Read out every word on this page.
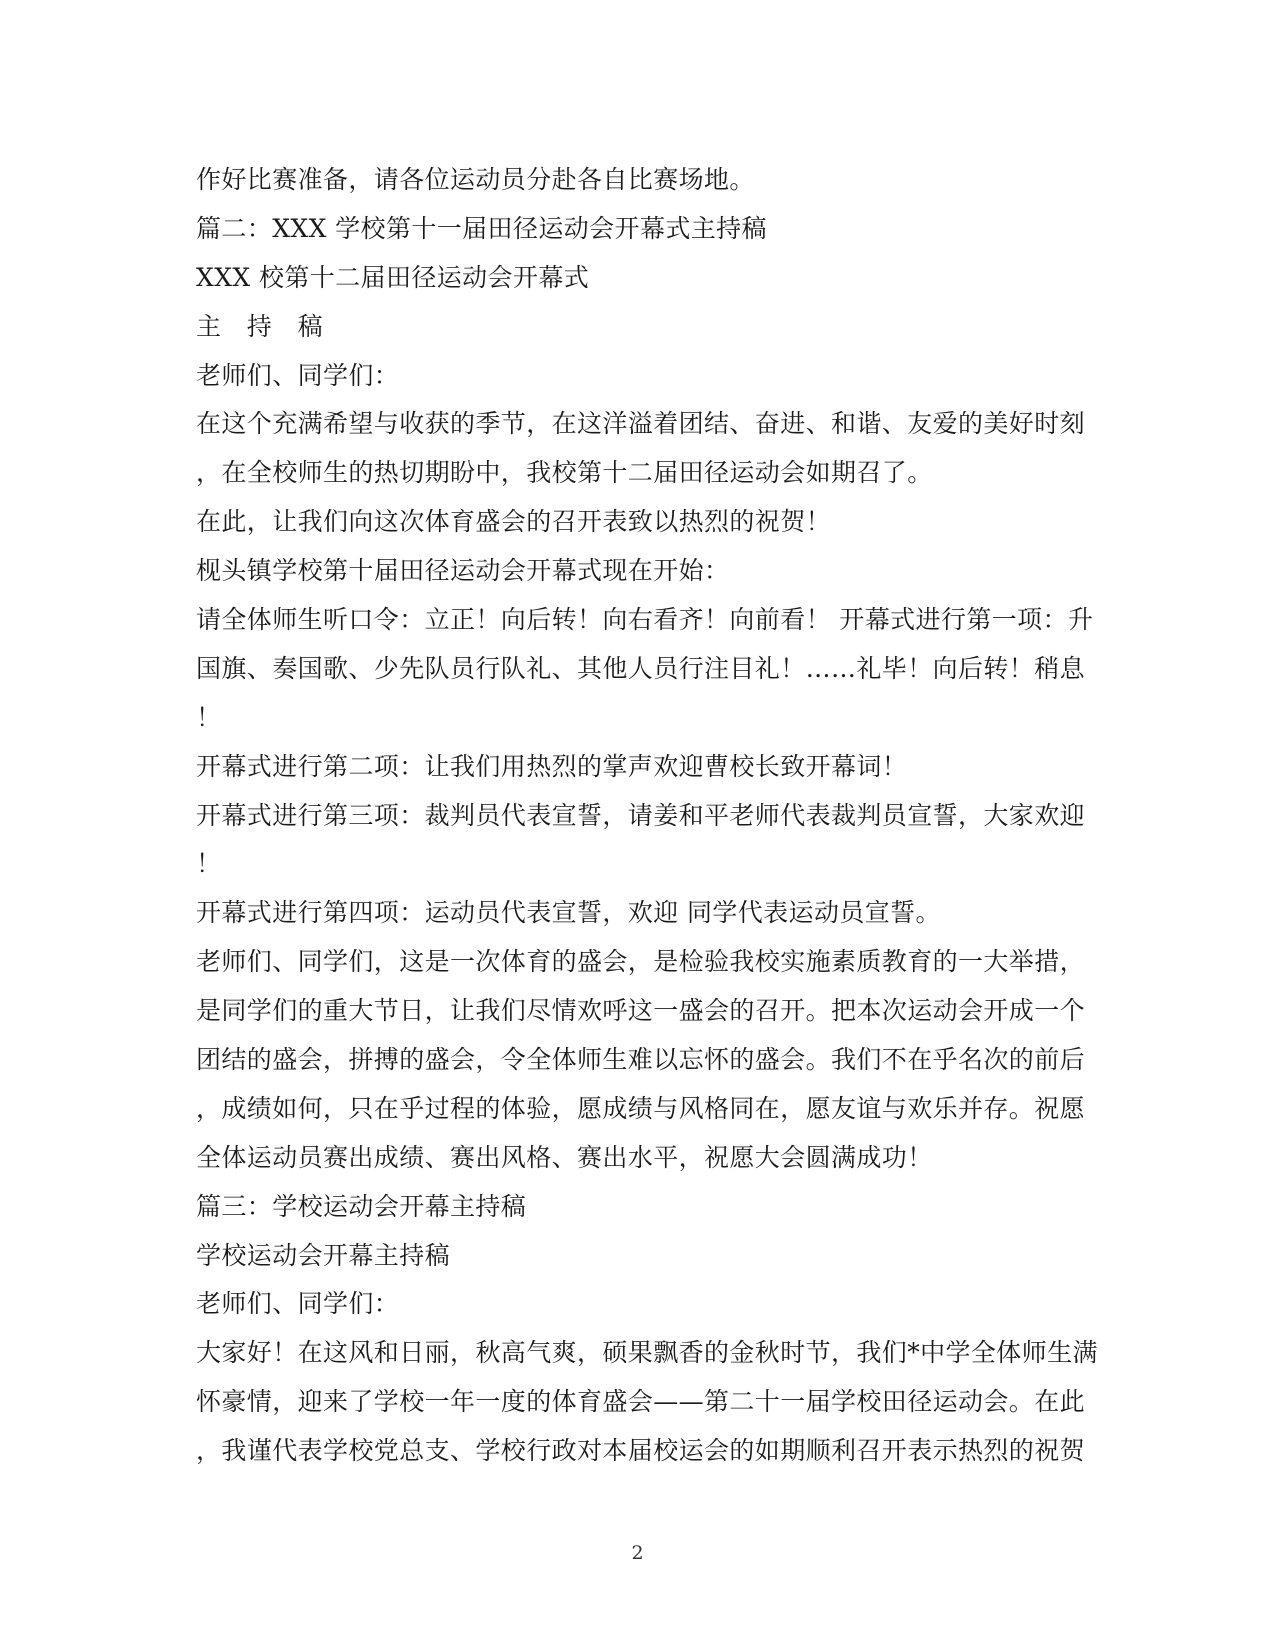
作好比赛准备，请各位运动员分赴各自比赛场地。
篇二：XXX 学校第十一届田径运动会开幕式主持稿
XXX 校第十二届田径运动会开幕式
主　持　稿
老师们、同学们：
在这个充满希望与收获的季节，在这洋溢着团结、奋进、和谐、友爱的美好时刻
，在全校师生的热切期盼中，我校第十二届田径运动会如期召了。
在此，让我们向这次体育盛会的召开表致以热烈的祝贺！
枧头镇学校第十届田径运动会开幕式现在开始：
请全体师生听口令：立正！向后转！向右看齐！向前看！ 开幕式进行第一项：升
国旗、奏国歌、少先队员行队礼、其他人员行注目礼！……礼毕！向后转！稍息
！
开幕式进行第二项：让我们用热烈的掌声欢迎曹校长致开幕词！
开幕式进行第三项：裁判员代表宣誓，请姜和平老师代表裁判员宣誓，大家欢迎
！
开幕式进行第四项：运动员代表宣誓，欢迎 同学代表运动员宣誓。
老师们、同学们，这是一次体育的盛会，是检验我校实施素质教育的一大举措，
是同学们的重大节日，让我们尽情欢呼这一盛会的召开。把本次运动会开成一个
团结的盛会，拼搏的盛会，令全体师生难以忘怀的盛会。我们不在乎名次的前后
，成绩如何，只在乎过程的体验，愿成绩与风格同在，愿友谊与欢乐并存。祝愿
全体运动员赛出成绩、赛出风格、赛出水平，祝愿大会圆满成功！
篇三：学校运动会开幕主持稿
学校运动会开幕主持稿
老师们、同学们：
大家好！在这风和日丽，秋高气爽，硕果飘香的金秋时节，我们*中学全体师生满
怀豪情，迎来了学校一年一度的体育盛会——第二十一届学校田径运动会。在此
，我谨代表学校党总支、学校行政对本届校运会的如期顺利召开表示热烈的祝贺
2
